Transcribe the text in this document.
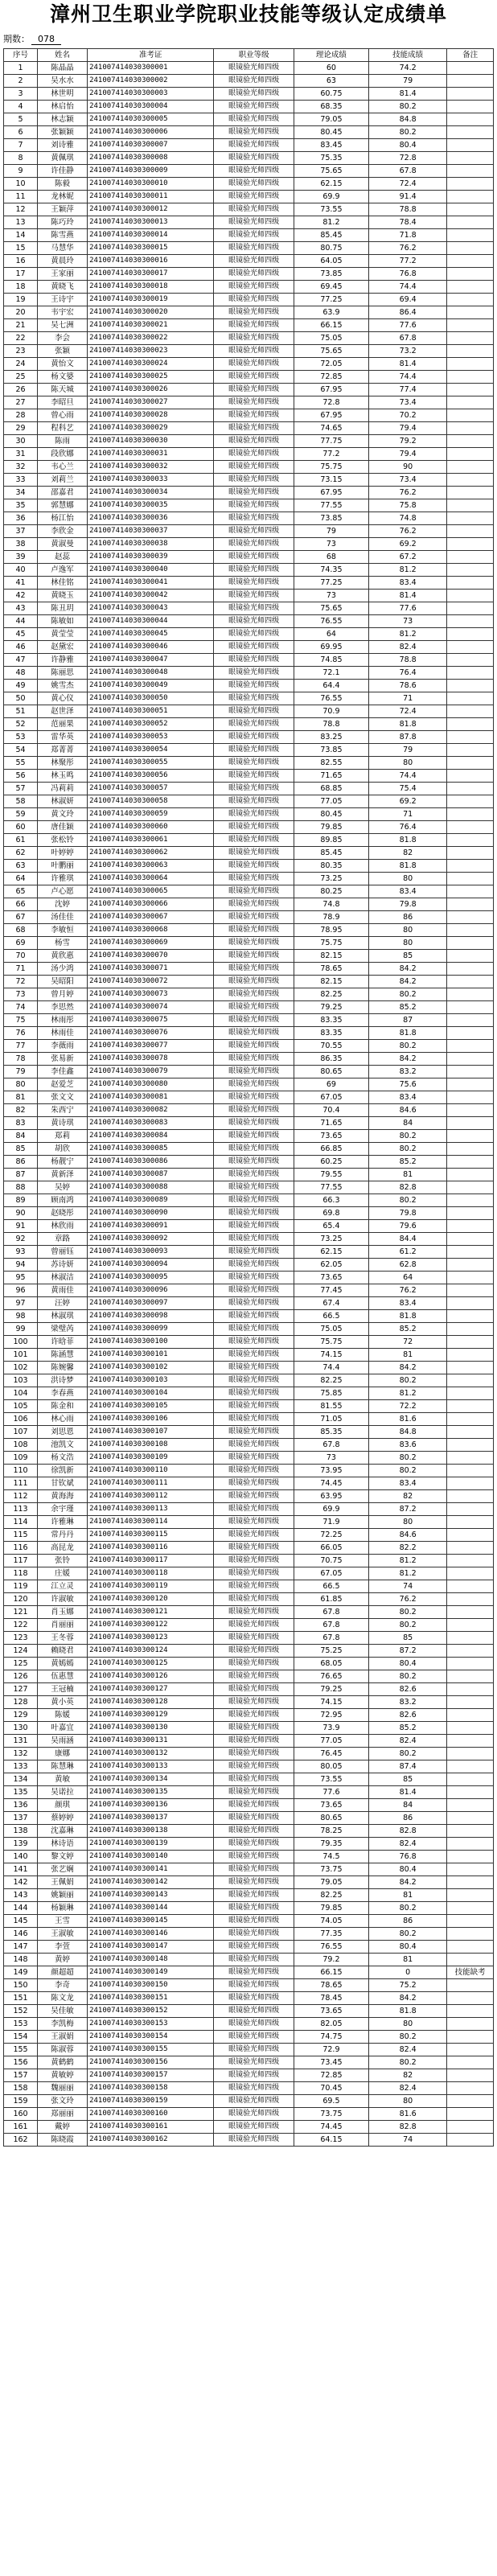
漳州卫生职业学院职业技能等级认定成绩单
期数： 078
序号	姓名	准考证	职业等级	理论成绩	技能成绩	备注
1	陈晶晶	241007414030300001	眼镜验光师四级	60	74.2	
2	吴水水	241007414030300002	眼镜验光师四级	63	79	
3	林世明	241007414030300003	眼镜验光师四级	60.75	81.4	
4	林启怡	241007414030300004	眼镜验光师四级	68.35	80.2	
5	林志颖	241007414030300005	眼镜验光师四级	79.05	84.8	
6	张颖颖	241007414030300006	眼镜验光师四级	80.45	80.2	
7	刘诗雅	241007414030300007	眼镜验光师四级	83.45	80.4	
8	黄佩琪	241007414030300008	眼镜验光师四级	75.35	72.8	
9	许佳静	241007414030300009	眼镜验光师四级	75.65	67.8	
10	陈毅	241007414030300010	眼镜验光师四级	62.15	72.4	
11	龙林妮	241007414030300011	眼镜验光师四级	69.9	91.4	
12	王颖萍	241007414030300012	眼镜验光师四级	73.55	78.8	
13	陈巧玲	241007414030300013	眼镜验光师四级	81.2	78.4	
14	陈雪燕	241007414030300014	眼镜验光师四级	85.45	71.8	
15	马慧华	241007414030300015	眼镜验光师四级	80.75	76.2	
16	黄晨玲	241007414030300016	眼镜验光师四级	64.05	77.2	
17	王家丽	241007414030300017	眼镜验光师四级	73.85	76.8	
18	黄晓飞	241007414030300018	眼镜验光师四级	69.45	74.4	
19	王诗宇	241007414030300019	眼镜验光师四级	77.25	69.4	
20	韦宇宏	241007414030300020	眼镜验光师四级	63.9	86.4	
21	吴七洲	241007414030300021	眼镜验光师四级	66.15	77.6	
22	李会	241007414030300022	眼镜验光师四级	75.05	67.8	
23	张颖	241007414030300023	眼镜验光师四级	75.65	73.2	
24	黄怡文	241007414030300024	眼镜验光师四级	72.05	81.4	
25	杨文婆	241007414030300025	眼镜验光师四级	72.85	74.4	
26	陈天城	241007414030300026	眼镜验光师四级	67.95	77.4	
27	李昭旦	241007414030300027	眼镜验光师四级	72.8	73.4	
28	曾心雨	241007414030300028	眼镜验光师四级	67.95	70.2	
29	程科艺	241007414030300029	眼镜验光师四级	74.65	79.4	
30	陈雨	241007414030300030	眼镜验光师四级	77.75	79.2	
31	段欣娜	241007414030300031	眼镜验光师四级	77.2	79.4	
32	韦心兰	241007414030300032	眼镜验光师四级	75.75	90	
33	刘莉兰	241007414030300033	眼镜验光师四级	73.15	73.4	
34	邵嘉君	241007414030300034	眼镜验光师四级	67.95	76.2	
35	郭慧娜	241007414030300035	眼镜验光师四级	77.55	75.8	
36	杨江怡	241007414030300036	眼镜验光师四级	73.85	74.8	
37	李欣金	241007414030300037	眼镜验光师四级	79	76.2	
38	黄淑曼	241007414030300038	眼镜验光师四级	73	69.2	
39	赵蕊	241007414030300039	眼镜验光师四级	68	67.2	
40	卢逸军	241007414030300040	眼镜验光师四级	74.35	81.2	
41	林佳铭	241007414030300041	眼镜验光师四级	77.25	83.4	
42	黄晓玉	241007414030300042	眼镜验光师四级	73	81.4	
43	陈丑玥	241007414030300043	眼镜验光师四级	75.65	77.6	
44	陈敏如	241007414030300044	眼镜验光师四级	76.55	73	
45	黄莹莹	241007414030300045	眼镜验光师四级	64	81.2	
46	赵黛宏	241007414030300046	眼镜验光师四级	69.95	82.4	
47	许静雅	241007414030300047	眼镜验光师四级	74.85	78.8	
48	陈丽思	241007414030300048	眼镜验光师四级	72.1	76.4	
49	姚雪杰	241007414030300049	眼镜验光师四级	64.4	78.6	
50	黄心仪	241007414030300050	眼镜验光师四级	76.55	71	
51	赵世泽	241007414030300051	眼镜验光师四级	70.9	72.4	
52	范丽果	241007414030300052	眼镜验光师四级	78.8	81.8	
53	雷华英	241007414030300053	眼镜验光师四级	83.25	87.8	
54	郑菁菁	241007414030300054	眼镜验光师四级	73.85	79	
55	林聚彤	241007414030300055	眼镜验光师四级	82.55	80	
56	林玉鸣	241007414030300056	眼镜验光师四级	71.65	74.4	
57	冯莉莉	241007414030300057	眼镜验光师四级	68.85	75.4	
58	林淑妍	241007414030300058	眼镜验光师四级	77.05	69.2	
59	黄文玲	241007414030300059	眼镜验光师四级	80.45	71	
60	唐佳颖	241007414030300060	眼镜验光师四级	79.85	76.4	
61	张松铃	241007414030300061	眼镜验光师四级	89.85	81.8	
62	叶婷婷	241007414030300062	眼镜验光师四级	85.45	82	
63	叶鹏丽	241007414030300063	眼镜验光师四级	80.35	81.8	
64	许雅琪	241007414030300064	眼镜验光师四级	73.25	80	
65	卢心愿	241007414030300065	眼镜验光师四级	80.25	83.4	
66	沈婷	241007414030300066	眼镜验光师四级	74.8	79.8	
67	汤佳佳	241007414030300067	眼镜验光师四级	78.9	86	
68	李敏恒	241007414030300068	眼镜验光师四级	78.95	80	
69	杨雪	241007414030300069	眼镜验光师四级	75.75	80	
70	黄欣惠	241007414030300070	眼镜验光师四级	82.15	85	
71	汤少鸿	241007414030300071	眼镜验光师四级	78.65	84.2	
72	吴昭阳	241007414030300072	眼镜验光师四级	82.15	84.2	
73	曾月婷	241007414030300073	眼镜验光师四级	82.25	80.2	
74	李思然	241007414030300074	眼镜验光师四级	79.25	85.2	
75	林雨彤	241007414030300075	眼镜验光师四级	83.35	87	
76	林雨佳	241007414030300076	眼镜验光师四级	83.35	81.8	
77	李薇雨	241007414030300077	眼镜验光师四级	70.55	80.2	
78	张易新	241007414030300078	眼镜验光师四级	86.35	84.2	
79	李佳鑫	241007414030300079	眼镜验光师四级	80.65	83.2	
80	赵爱芝	241007414030300080	眼镜验光师四级	69	75.6	
81	张文文	241007414030300081	眼镜验光师四级	67.05	83.4	
82	朱西宁	241007414030300082	眼镜验光师四级	70.4	84.6	
83	黄诗琪	241007414030300083	眼镜验光师四级	71.65	84	
84	郑莉	241007414030300084	眼镜验光师四级	73.65	80.2	
85	胡欣	241007414030300085	眼镜验光师四级	66.85	80.2	
86	杨靓宁	241007414030300086	眼镜验光师四级	60.25	85.2	
87	黄新泽	241007414030300087	眼镜验光师四级	79.55	81	
88	吴婷	241007414030300088	眼镜验光师四级	77.55	82.8	
89	顾南鸿	241007414030300089	眼镜验光师四级	66.3	80.2	
90	赵晓彤	241007414030300090	眼镜验光师四级	69.8	79.8	
91	林欣雨	241007414030300091	眼镜验光师四级	65.4	79.6	
92	章路	241007414030300092	眼镜验光师四级	73.25	84.4	
93	曾丽钰	241007414030300093	眼镜验光师四级	62.15	61.2	
94	苏诗妍	241007414030300094	眼镜验光师四级	62.05	62.8	
95	林淑洁	241007414030300095	眼镜验光师四级	73.65	64	
96	黄雨佳	241007414030300096	眼镜验光师四级	77.45	76.2	
97	汪婷	241007414030300097	眼镜验光师四级	67.4	83.4	
98	林淑琪	241007414030300098	眼镜验光师四级	66.5	81.8	
99	梁璧芮	241007414030300099	眼镜验光师四级	75.05	85.2	
100	许晗菲	241007414030300100	眼镜验光师四级	75.75	72	
101	陈涵慧	241007414030300101	眼镜验光师四级	74.15	81	
102	陈婉馨	241007414030300102	眼镜验光师四级	74.4	84.2	
103	洪诗梦	241007414030300103	眼镜验光师四级	82.25	80.2	
104	李春燕	241007414030300104	眼镜验光师四级	75.85	81.2	
105	陈金和	241007414030300105	眼镜验光师四级	81.55	72.2	
106	林心雨	241007414030300106	眼镜验光师四级	71.05	81.6	
107	刘思恩	241007414030300107	眼镜验光师四级	85.35	84.8	
108	池凯文	241007414030300108	眼镜验光师四级	67.8	83.6	
109	杨文浩	241007414030300109	眼镜验光师四级	73	80.2	
110	徐凯新	241007414030300110	眼镜验光师四级	73.95	80.2	
111	甘钦斌	241007414030300111	眼镜验光师四级	74.45	83.4	
112	黄海海	241007414030300112	眼镜验光师四级	63.95	82	
113	余宇瑾	241007414030300113	眼镜验光师四级	69.9	87.2	
114	许雅琳	241007414030300114	眼镜验光师四级	71.9	80	
115	常丹丹	241007414030300115	眼镜验光师四级	72.25	84.6	
116	高昆龙	241007414030300116	眼镜验光师四级	66.05	82.2	
117	张铃	241007414030300117	眼镜验光师四级	70.75	81.2	
118	庄媛	241007414030300118	眼镜验光师四级	67.05	81.2	
119	江立灵	241007414030300119	眼镜验光师四级	66.5	74	
120	许淑敏	241007414030300120	眼镜验光师四级	61.85	76.2	
121	肖玉娜	241007414030300121	眼镜验光师四级	67.8	80.2	
122	肖丽丽	241007414030300122	眼镜验光师四级	67.8	80.2	
123	王冬蓉	241007414030300123	眼镜验光师四级	67.8	85	
124	赖晓君	241007414030300124	眼镜验光师四级	75.25	87.2	
125	黄嫣嫣	241007414030300125	眼镜验光师四级	68.05	80.4	
126	伍惠慧	241007414030300126	眼镜验光师四级	76.65	80.2	
127	王冠楠	241007414030300127	眼镜验光师四级	79.25	82.6	
128	黄小英	241007414030300128	眼镜验光师四级	74.15	83.2	
129	陈媛	241007414030300129	眼镜验光师四级	72.95	82.6	
130	叶嘉宜	241007414030300130	眼镜验光师四级	73.9	85.2	
131	吴雨涵	241007414030300131	眼镜验光师四级	77.05	82.4	
132	康娜	241007414030300132	眼镜验光师四级	76.45	80.2	
133	陈慧琳	241007414030300133	眼镜验光师四级	80.05	87.4	
134	黄敏	241007414030300134	眼镜验光师四级	73.55	85	
135	吴诺拉	241007414030300135	眼镜验光师四级	77.6	81.4	
136	颜琪	241007414030300136	眼镜验光师四级	73.65	84	
137	蔡婷婷	241007414030300137	眼镜验光师四级	80.65	86	
138	沈嘉琳	241007414030300138	眼镜验光师四级	78.25	82.8	
139	林诗语	241007414030300139	眼镜验光师四级	79.35	82.4	
140	黎文婷	241007414030300140	眼镜验光师四级	74.5	76.8	
141	张艺娴	241007414030300141	眼镜验光师四级	73.75	80.4	
142	王佩娟	241007414030300142	眼镜验光师四级	79.05	84.2	
143	姚颖丽	241007414030300143	眼镜验光师四级	82.25	81	
144	杨颖琳	241007414030300144	眼镜验光师四级	79.85	80.2	
145	王雪	241007414030300145	眼镜验光师四级	74.05	86	
146	王淑敏	241007414030300146	眼镜验光师四级	77.35	80.2	
147	李萱	241007414030300147	眼镜验光师四级	76.55	80.4	
148	黄婷	241007414030300148	眼镜验光师四级	79.2	81	
149	颜超超	241007414030300149	眼镜验光师四级	66.15	0	技能缺考
150	李奇	241007414030300150	眼镜验光师四级	78.65	75.2	
151	陈文龙	241007414030300151	眼镜验光师四级	78.45	84.2	
152	吴佳敏	241007414030300152	眼镜验光师四级	73.65	81.8	
153	李凯梅	241007414030300153	眼镜验光师四级	82.05	80	
154	王淑娟	241007414030300154	眼镜验光师四级	74.75	80.2	
155	陈淑蓉	241007414030300155	眼镜验光师四级	72.9	82.4	
156	黄鹤鹤	241007414030300156	眼镜验光师四级	73.45	80.2	
157	黄敏婷	241007414030300157	眼镜验光师四级	72.85	82	
158	魏丽丽	241007414030300158	眼镜验光师四级	70.45	82.4	
159	张文玲	241007414030300159	眼镜验光师四级	69.5	80	
160	郑丽丽	241007414030300160	眼镜验光师四级	73.75	81.6	
161	戴婷	241007414030300161	眼镜验光师四级	74.45	82.8	
162	陈晓霞	241007414030300162	眼镜验光师四级	64.15	74	
